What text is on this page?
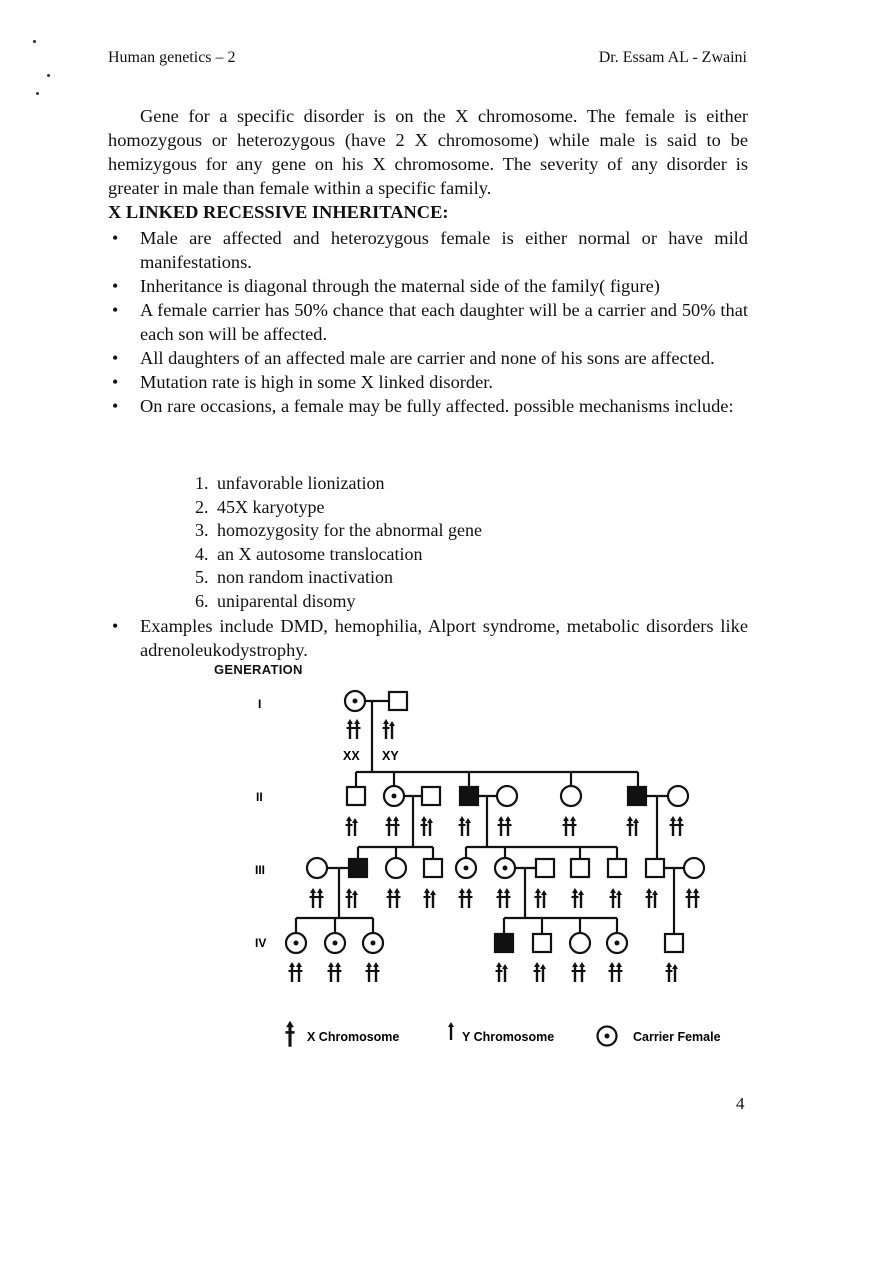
Human genetics – 2	Dr. Essam AL - Zwaini
Gene for a specific disorder is on the X chromosome. The female is either homozygous or heterozygous (have 2 X chromosome) while male is said to be hemizygous for any gene on his X chromosome. The severity of any disorder is greater in male than female within a specific family.
X LINKED RECESSIVE INHERITANCE:
• Male are affected and heterozygous female is either normal or have mild manifestations.
• Inheritance is diagonal through the maternal side of the family( figure)
• A female carrier has 50% chance that each daughter will be a carrier and 50% that each son will be affected.
• All daughters of an affected male are carrier and none of his sons are affected.
• Mutation rate is high in some X linked disorder.
• On rare occasions, a female may be fully affected. possible mechanisms include:
1. unfavorable lionization
2. 45X karyotype
3. homozygosity for the abnormal gene
4. an X autosome translocation
5. non random inactivation
6. uniparental disomy
• Examples include DMD, hemophilia, Alport syndrome, metabolic disorders like adrenoleukodystrophy.
GENERATION
I
II
III
IV
XX XY
X Chromosome	Y Chromosome	Carrier Female
4
